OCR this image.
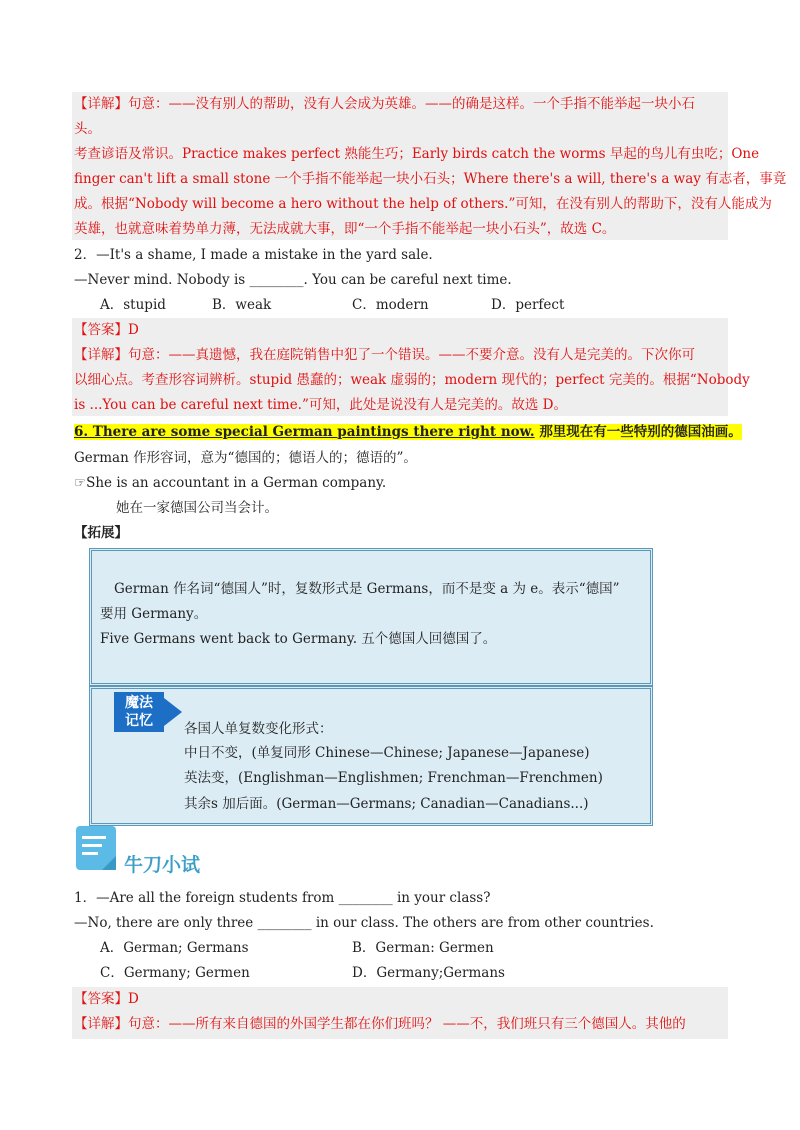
【详解】句意：——没有别人的帮助，没有人会成为英雄。——的确是这样。一个手指不能举起一块小石
头。
考查谚语及常识。Practice makes perfect 熟能生巧；Early birds catch the worms 早起的鸟儿有虫吃；One
finger can't lift a small stone 一个手指不能举起一块小石头；Where there's a will, there's a way 有志者，事竟
成。根据“Nobody will become a hero without the help of others.”可知，在没有别人的帮助下，没有人能成为
英雄，也就意味着势单力薄，无法成就大事，即“一个手指不能举起一块小石头”，故选 C。
2．—It's a shame, I made a mistake in the yard sale.
—Never mind. Nobody is ________. You can be careful next time.
A．stupid	B．weak	C．modern	D．perfect
【答案】D
【详解】句意：——真遗憾，我在庭院销售中犯了一个错误。——不要介意。没有人是完美的。下次你可
以细心点。考查形容词辨析。stupid 愚蠢的；weak 虚弱的；modern 现代的；perfect 完美的。根据“Nobody
is ...You can be careful next time.”可知，此处是说没有人是完美的。故选 D。
6. There are some special German paintings there right now. 那里现在有一些特别的德国油画。
German 作形容词，意为“德国的；德语人的；德语的”。
☞She is an accountant in a German company.
她在一家德国公司当会计。
【拓展】
German 作名词“德国人”时，复数形式是 Germans，而不是变 a 为 e。表示“德国”
要用 Germany。
Five Germans went back to Germany. 五个德国人回德国了。
魔法
记忆	各国人单复数变化形式：
中日不变，(单复同形 Chinese—Chinese; Japanese—Japanese)
英法变，(Englishman—Englishmen; Frenchman—Frenchmen)
其余s 加后面。(German—Germans; Canadian—Canadians...)
牛刀小试
1．—Are all the foreign students from ________ in your class?
—No, there are only three ________ in our class. The others are from other countries.
A．German; Germans	B．German: Germen
C．Germany; Germen	D．Germany;Germans
【答案】D
【详解】句意：——所有来自德国的外国学生都在你们班吗？ ——不，我们班只有三个德国人。其他的
